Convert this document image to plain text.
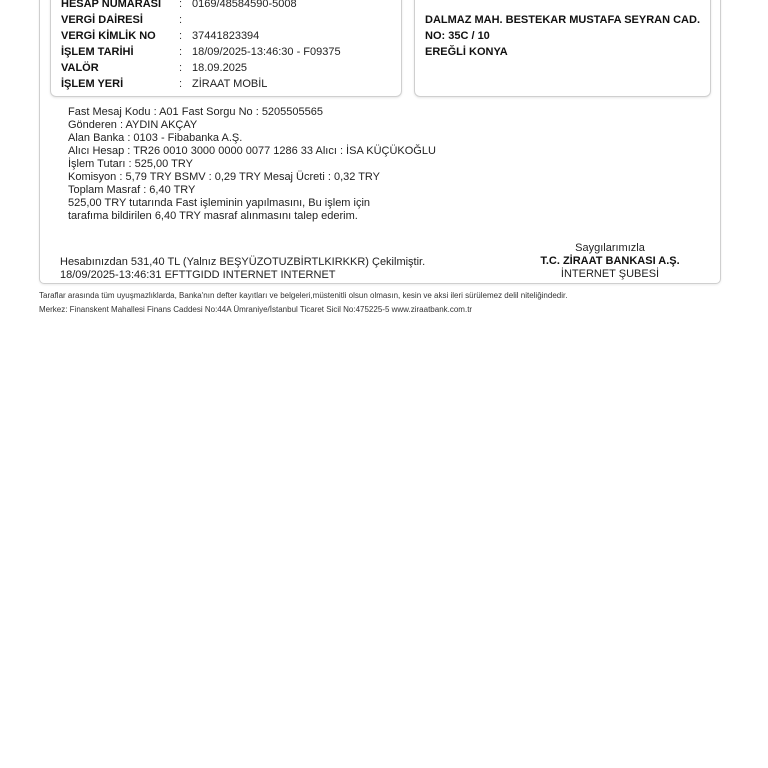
HESAP NUMARASI	: 0169/48584590-5008
VERGİ DAİRESİ	:
VERGİ KİMLİK NO	: 37441823394
İŞLEM TARİHİ	: 18/09/2025-13:46:30 - F09375
VALÖR	: 18.09.2025
İŞLEM YERİ	: ZİRAAT MOBİL
DALMAZ MAH. BESTEKAR MUSTAFA SEYRAN CAD.
NO: 35C / 10
EREĞLİ KONYA
Fast Mesaj Kodu : A01 Fast Sorgu No : 5205505565
Gönderen : AYDIN AKÇAY
Alan Banka : 0103 - Fibabanka A.Ş.
Alıcı Hesap : TR26 0010 3000 0000 0077 1286 33 Alıcı : İSA KÜÇÜKOĞLU
İşlem Tutarı : 525,00 TRY
Komisyon : 5,79 TRY BSMV : 0,29 TRY Mesaj Ücreti : 0,32 TRY
Toplam Masraf : 6,40 TRY
525,00 TRY tutarında Fast işleminin yapılmasını, Bu işlem için
tarafıma bildirilen 6,40 TRY masraf alınmasını talep ederim.
Hesabınızdan 531,40 TL (Yalnız BEŞYÜZOTUZBİRTLKIRKKR) Çekilmiştir.
18/09/2025-13:46:31 EFTTGIDD INTERNET INTERNET
Saygılarımızla
T.C. ZİRAAT BANKASI A.Ş.
İNTERNET ŞUBESİ
Taraflar arasında tüm uyuşmazlıklarda, Banka'nın defter kayıtları ve belgeleri,müstenitli olsun olmasın, kesin ve aksi ileri sürülemez delil niteliğindedir.
Merkez: Finanskent Mahallesi Finans Caddesi No:44A Ümraniye/İstanbul Ticaret Sicil No:475225-5 www.ziraatbank.com.tr
